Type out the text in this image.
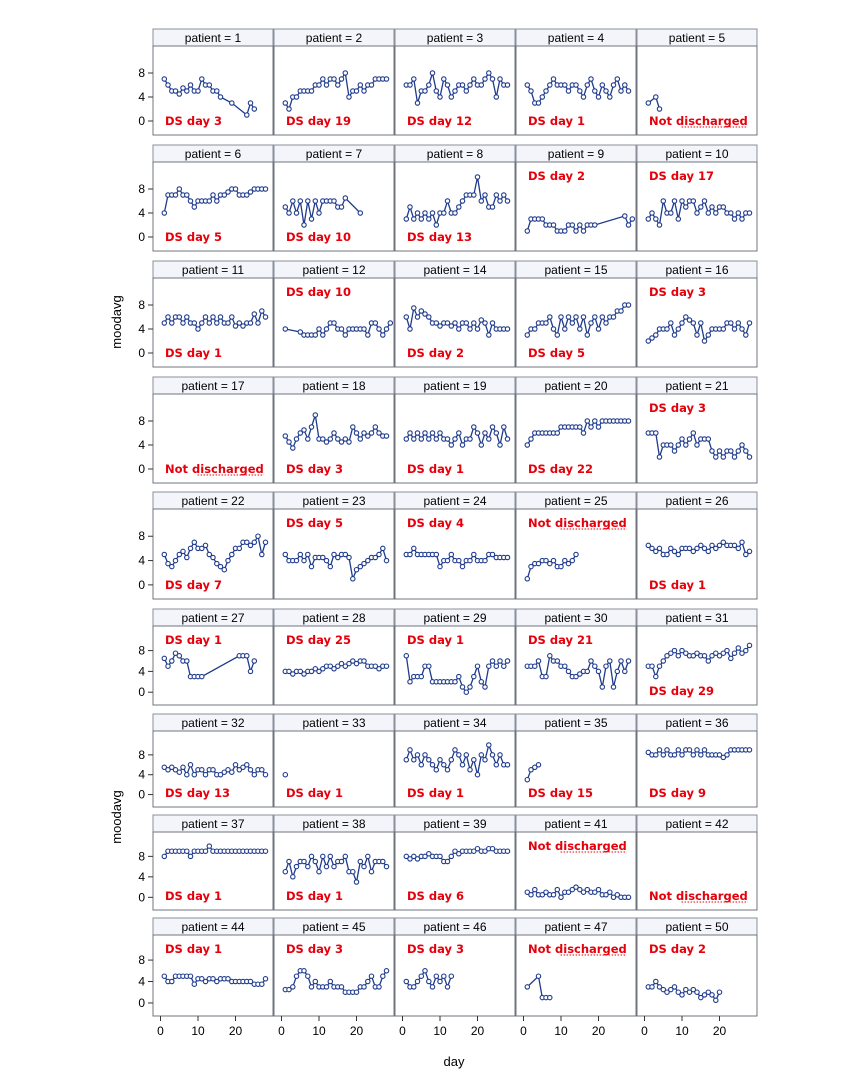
patient = 1
DS day 3
patient = 2
DS day 19
patient = 3
DS day 12
patient = 4
DS day 1
patient = 5
Not discharged
patient = 6
DS day 5
patient = 7
DS day 10
patient = 8
DS day 13
patient = 9
DS day 2
patient = 10
DS day 17
patient = 11
DS day 1
patient = 12
DS day 10
patient = 14
DS day 2
patient = 15
DS day 5
patient = 16
DS day 3
patient = 17
Not discharged
patient = 18
DS day 3
patient = 19
DS day 1
patient = 20
DS day 22
patient = 21
DS day 3
patient = 22
DS day 7
patient = 23
DS day 5
patient = 24
DS day 4
patient = 25
Not discharged
patient = 26
DS day 1
patient = 27
DS day 1
patient = 28
DS day 25
patient = 29
DS day 1
patient = 30
DS day 21
patient = 31
DS day 29
patient = 32
DS day 13
patient = 33
DS day 1
patient = 34
DS day 1
patient = 35
DS day 15
patient = 36
DS day 9
patient = 37
DS day 1
patient = 38
DS day 1
patient = 39
DS day 6
patient = 41
Not discharged
patient = 42
Not discharged
patient = 44
DS day 1
patient = 45
DS day 3
patient = 46
DS day 3
patient = 47
Not discharged
patient = 50
DS day 2
0
4
8
0
4
8
0
4
8
0
4
8
0
4
8
0
4
8
0
4
8
0
4
8
0
4
8
0 10 20	0 10 20	0 10 20	0 10 20	0 10 20
day
moodavg
moodavg
